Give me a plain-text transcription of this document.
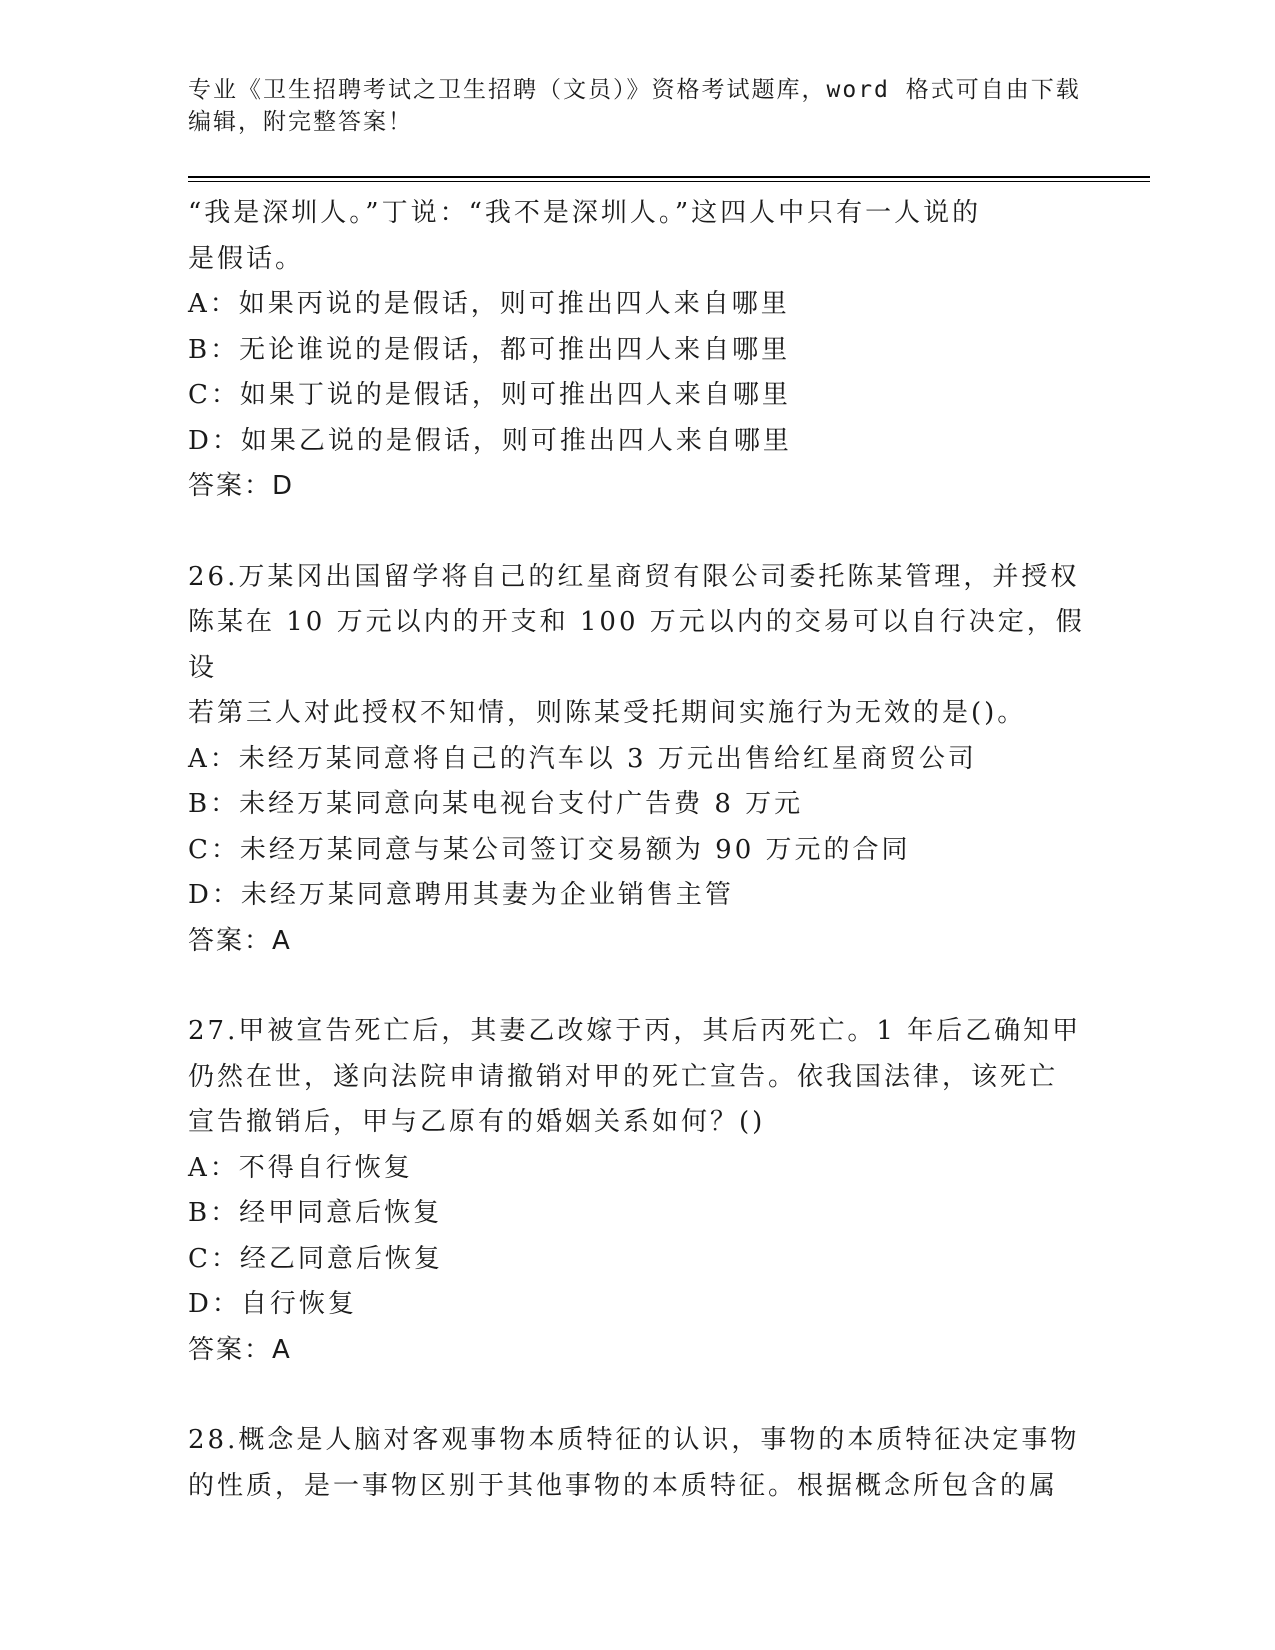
专业《卫生招聘考试之卫生招聘（文员）》资格考试题库，word 格式可自由下载
编辑，附完整答案！

“我是深圳人。”丁说：“我不是深圳人。”这四人中只有一人说的

是假话。

A：如果丙说的是假话，则可推出四人来自哪里

B：无论谁说的是假话，都可推出四人来自哪里

C：如果丁说的是假话，则可推出四人来自哪里

D：如果乙说的是假话，则可推出四人来自哪里

答案：D

26.万某冈出国留学将自己的红星商贸有限公司委托陈某管理，并授权

陈某在 10 万元以内的开支和 100 万元以内的交易可以自行决定，假设

若第三人对此授权不知情，则陈某受托期间实施行为无效的是()。

A：未经万某同意将自己的汽车以 3 万元出售给红星商贸公司

B：未经万某同意向某电视台支付广告费 8 万元

C：未经万某同意与某公司签订交易额为 90 万元的合同

D：未经万某同意聘用其妻为企业销售主管

答案：A

27.甲被宣告死亡后，其妻乙改嫁于丙，其后丙死亡。1 年后乙确知甲

仍然在世，遂向法院申请撤销对甲的死亡宣告。依我国法律，该死亡

宣告撤销后，甲与乙原有的婚姻关系如何？()

A：不得自行恢复

B：经甲同意后恢复

C：经乙同意后恢复

D：自行恢复

答案：A

28.概念是人脑对客观事物本质特征的认识，事物的本质特征决定事物

的性质，是一事物区别于其他事物的本质特征。根据概念所包含的属
